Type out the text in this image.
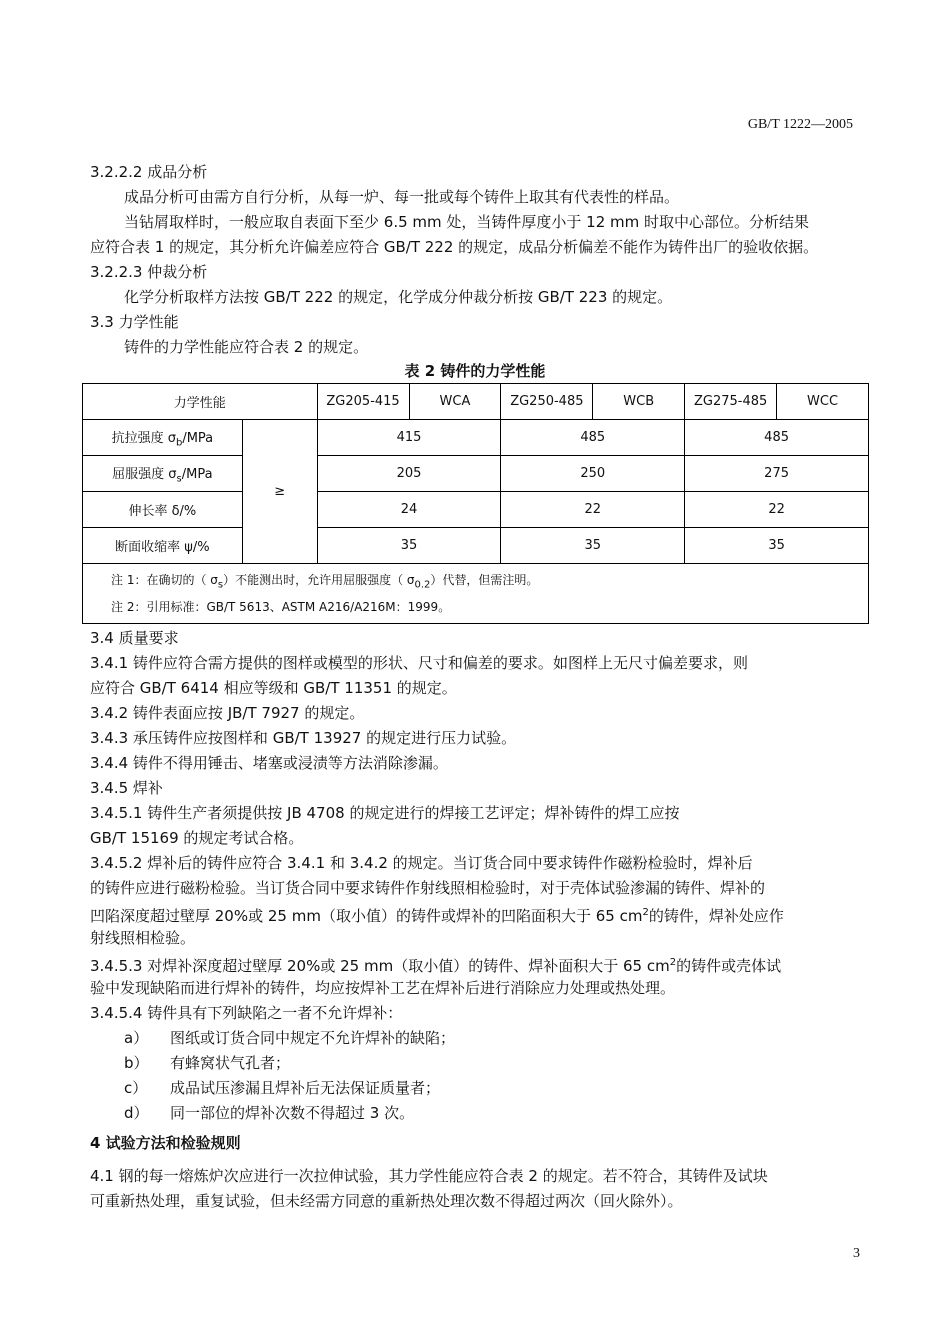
GB/T 1222—2005
3.2.2.2 成品分析
成品分析可由需方自行分析，从每一炉、每一批或每个铸件上取其有代表性的样品。
当钻屑取样时，一般应取自表面下至少 6.5 mm 处，当铸件厚度小于 12 mm 时取中心部位。分析结果
应符合表 1 的规定，其分析允许偏差应符合 GB/T 222 的规定，成品分析偏差不能作为铸件出厂的验收依据。
3.2.2.3 仲裁分析
化学分析取样方法按 GB/T 222 的规定，化学成分仲裁分析按 GB/T 223 的规定。
3.3 力学性能
铸件的力学性能应符合表 2 的规定。
表 2 铸件的力学性能
力学性能		ZG205-415	WCA	ZG250-485	WCB	ZG275-485	WCC
抗拉强度 $\sigma_b$/MPa	≥	415		485		485	
屈服强度 $\sigma_s$/MPa		205		250		275	
伸长率 δ/%		24		22		22	
断面收缩率 ψ/%		35		35		35	

注 1：在确切的（ $\sigma_s$）不能测出时，允许用屈服强度（ $\sigma_{0.2}$）代替，但需注明。
注 2：引用标准：GB/T 5613、ASTM A216/A216M：1999。							
3.4 质量要求
3.4.1 铸件应符合需方提供的图样或模型的形状、尺寸和偏差的要求。如图样上无尺寸偏差要求，则
应符合 GB/T 6414 相应等级和 GB/T 11351 的规定。
3.4.2 铸件表面应按 JB/T 7927 的规定。
3.4.3 承压铸件应按图样和 GB/T 13927 的规定进行压力试验。
3.4.4 铸件不得用锤击、堵塞或浸渍等方法消除渗漏。
3.4.5 焊补
3.4.5.1 铸件生产者须提供按 JB 4708 的规定进行的焊接工艺评定；焊补铸件的焊工应按
GB/T 15169 的规定考试合格。
3.4.5.2 焊补后的铸件应符合 3.4.1 和 3.4.2 的规定。当订货合同中要求铸件作磁粉检验时，焊补后
的铸件应进行磁粉检验。当订货合同中要求铸件作射线照相检验时，对于壳体试验渗漏的铸件、焊补的
凹陷深度超过壁厚 20%或 25 mm（取小值）的铸件或焊补的凹陷面积大于 65 $cm^2$的铸件，焊补处应作
射线照相检验。
3.4.5.3 对焊补深度超过壁厚 20%或 25 mm（取小值）的铸件、焊补面积大于 65 $cm^2$的铸件或壳体试
验中发现缺陷而进行焊补的铸件，均应按焊补工艺在焊补后进行消除应力处理或热处理。
3.4.5.4 铸件具有下列缺陷之一者不允许焊补：
a） 图纸或订货合同中规定不允许焊补的缺陷；
b） 有蜂窝状气孔者；
c） 成品试压渗漏且焊补后无法保证质量者；
d） 同一部位的焊补次数不得超过 3 次。
4 试验方法和检验规则
4.1 钢的每一熔炼炉次应进行一次拉伸试验，其力学性能应符合表 2 的规定。若不符合，其铸件及试块
可重新热处理，重复试验，但未经需方同意的重新热处理次数不得超过两次（回火除外）。
3
